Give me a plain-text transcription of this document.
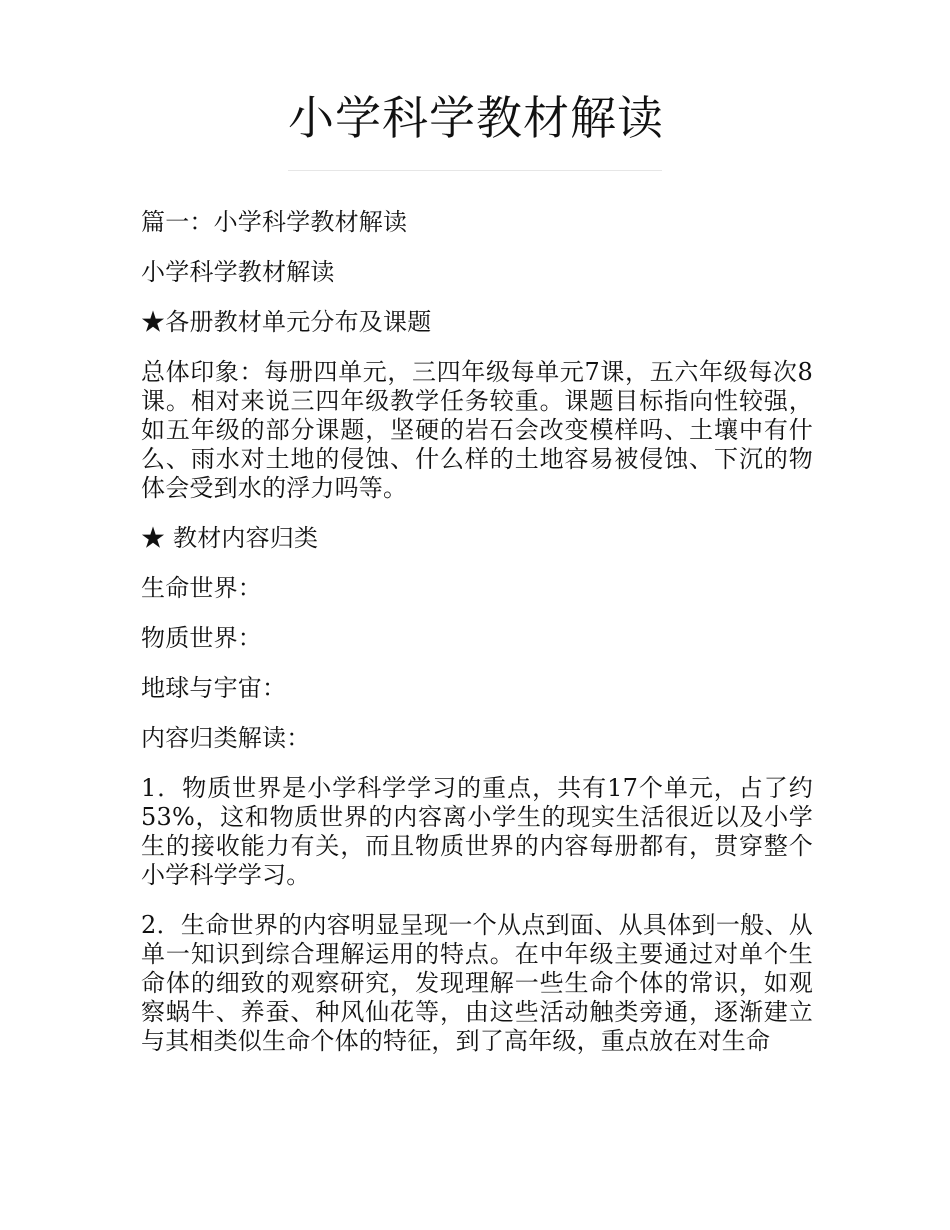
小学科学教材解读

篇一：小学科学教材解读

小学科学教材解读

★各册教材单元分布及课题

总体印象：每册四单元，三四年级每单元7课，五六年级每次8课。相对来说三四年级教学任务较重。课题目标指向性较强，如五年级的部分课题，坚硬的岩石会改变模样吗、土壤中有什么、雨水对土地的侵蚀、什么样的土地容易被侵蚀、下沉的物体会受到水的浮力吗等。

★ 教材内容归类

生命世界：

物质世界：

地球与宇宙：

内容归类解读：

1．物质世界是小学科学学习的重点，共有17个单元，占了约53%，这和物质世界的内容离小学生的现实生活很近以及小学生的接收能力有关，而且物质世界的内容每册都有，贯穿整个小学科学学习。

2．生命世界的内容明显呈现一个从点到面、从具体到一般、从单一知识到综合理解运用的特点。在中年级主要通过对单个生命体的细致的观察研究，发现理解一些生命个体的常识，如观察蜗牛、养蚕、种风仙花等，由这些活动触类旁通，逐渐建立与其相类似生命个体的特征，到了高年级，重点放在对生命
